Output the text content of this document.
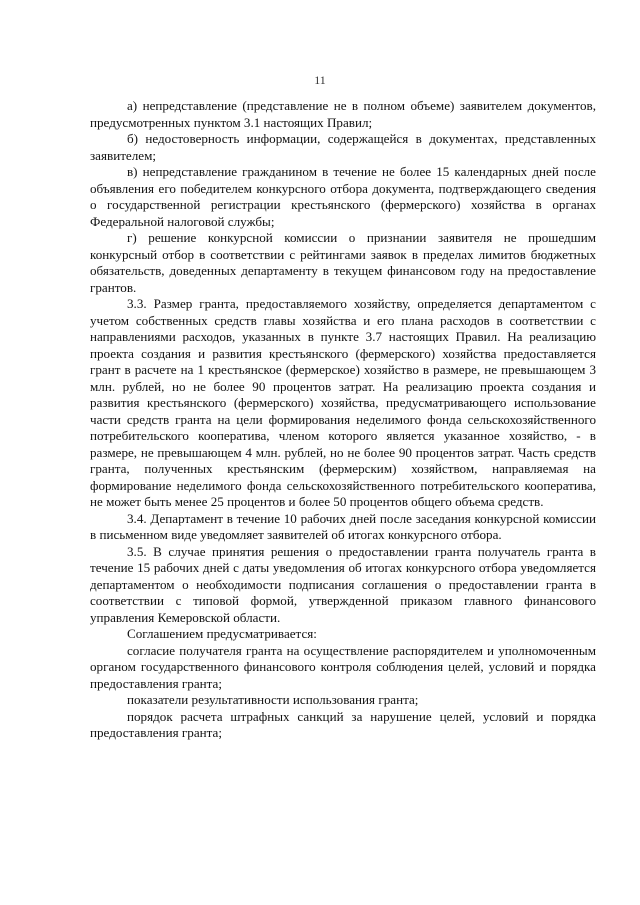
11

а) непредставление (представление не в полном объеме) заявителем документов, предусмотренных пунктом 3.1 настоящих Правил;

б) недостоверность информации, содержащейся в документах, представленных заявителем;

в) непредставление гражданином в течение не более 15 календарных дней после объявления его победителем конкурсного отбора документа, подтверждающего сведения о государственной регистрации крестьянского (фермерского) хозяйства в органах Федеральной налоговой службы;

г) решение конкурсной комиссии о признании заявителя не прошедшим конкурсный отбор в соответствии с рейтингами заявок в пределах лимитов бюджетных обязательств, доведенных департаменту в текущем финансовом году на предоставление грантов.

3.3. Размер гранта, предоставляемого хозяйству, определяется департаментом с учетом собственных средств главы хозяйства и его плана расходов в соответствии с направлениями расходов, указанных в пункте 3.7 настоящих Правил. На реализацию проекта создания и развития крестьянского (фермерского) хозяйства предоставляется грант в расчете на 1 крестьянское (фермерское) хозяйство в размере, не превышающем 3 млн. рублей, но не более 90 процентов затрат. На реализацию проекта создания и развития крестьянского (фермерского) хозяйства, предусматривающего использование части средств гранта на цели формирования неделимого фонда сельскохозяйственного потребительского кооператива, членом которого является указанное хозяйство, - в размере, не превышающем 4 млн. рублей, но не более 90 процентов затрат. Часть средств гранта, полученных крестьянским (фермерским) хозяйством, направляемая на формирование неделимого фонда сельскохозяйственного потребительского кооператива, не может быть менее 25 процентов и более 50 процентов общего объема средств.

3.4. Департамент в течение 10 рабочих дней после заседания конкурсной комиссии в письменном виде уведомляет заявителей об итогах конкурсного отбора.

3.5. В случае принятия решения о предоставлении гранта получатель гранта в течение 15 рабочих дней с даты уведомления об итогах конкурсного отбора уведомляется департаментом о необходимости подписания соглашения о предоставлении гранта в соответствии с типовой формой, утвержденной приказом главного финансового управления Кемеровской области.

Соглашением предусматривается:

согласие получателя гранта на осуществление распорядителем и уполномоченным органом государственного финансового контроля соблюдения целей, условий и порядка предоставления гранта;

показатели результативности использования гранта;

порядок расчета штрафных санкций за нарушение целей, условий и порядка предоставления гранта;
